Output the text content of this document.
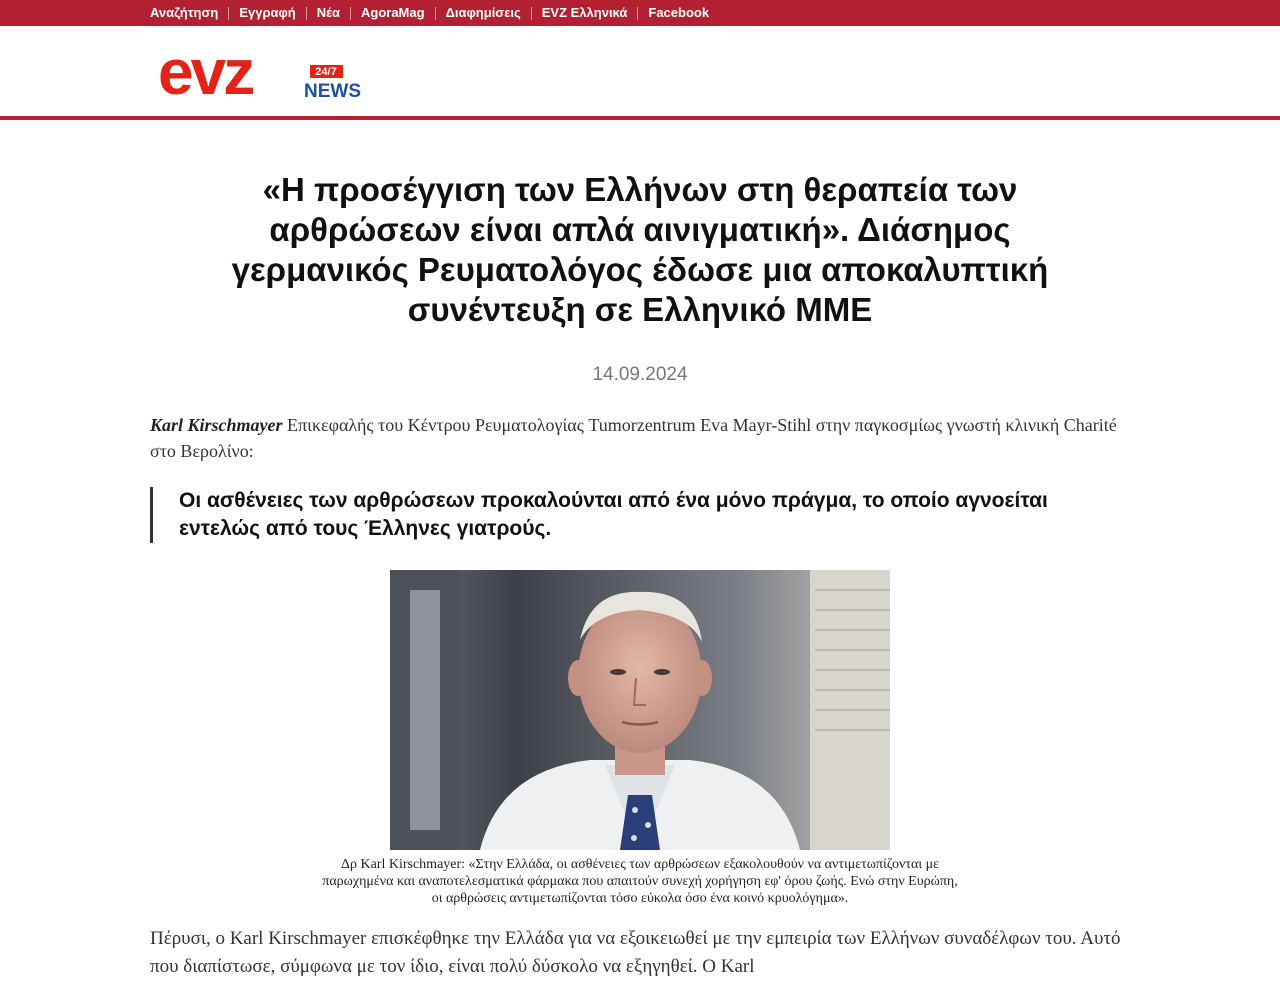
Αναζήτηση	Εγγραφή	Νέα	AgoraMag	Διαφημίσεις	EVZ Ελληνικά	Facebook
evz	24/7
NEWS
«Η προσέγγιση των Ελλήνων στη θεραπεία των αρθρώσεων είναι απλά αινιγματική». Διάσημος γερμανικός Ρευματολόγος έδωσε μια αποκαλυπτική συνέντευξη σε Ελληνικό ΜΜΕ
14.09.2024

Karl Kirschmayer Επικεφαλής του Κέντρου Ρευματολογίας Tumorzentrum Eva Mayr-Stihl στην παγκοσμίως γνωστή κλινική Charité στο Βερολίνο:

Οι ασθένειες των αρθρώσεων προκαλούνται από ένα μόνο πράγμα, το οποίο αγνοείται εντελώς από τους Έλληνες γιατρούς.
Δρ Karl Kirschmayer: «Στην Ελλάδα, οι ασθένειες των αρθρώσεων εξακολουθούν να αντιμετωπίζονται με παρωχημένα και αναποτελεσματικά φάρμακα που απαιτούν συνεχή χορήγηση εφ' όρου ζωής. Ενώ στην Ευρώπη, οι αρθρώσεις αντιμετωπίζονται τόσο εύκολα όσο ένα κοινό κρυολόγημα».

Πέρυσι, ο Karl Kirschmayer επισκέφθηκε την Ελλάδα για να εξοικειωθεί με την εμπειρία των Ελλήνων συναδέλφων του. Αυτό που διαπίστωσε, σύμφωνα με τον ίδιο, είναι πολύ δύσκολο να εξηγηθεί. Ο Karl
